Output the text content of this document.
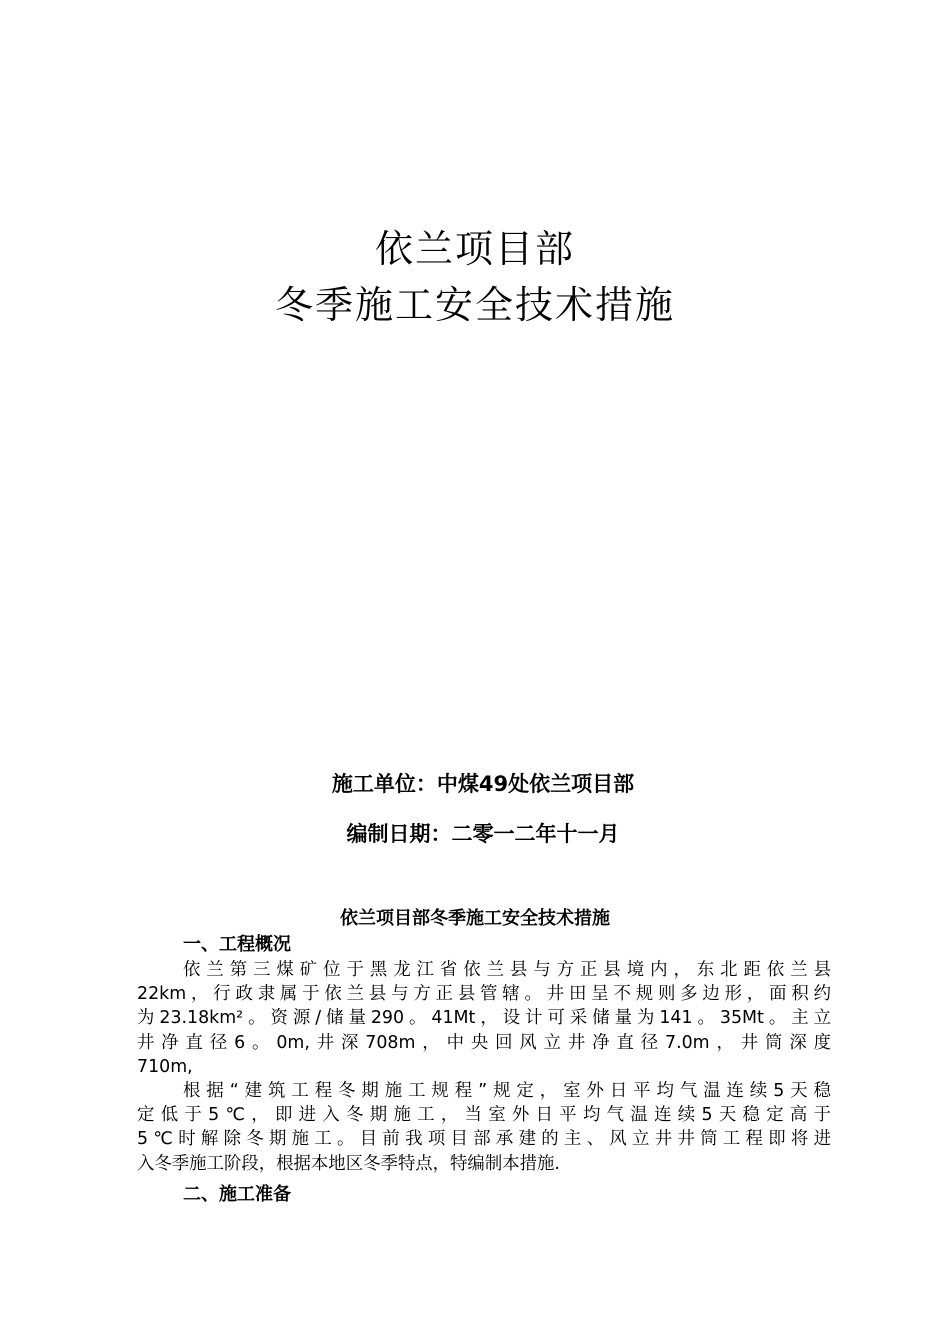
依兰项目部
冬季施工安全技术措施
施工单位：中煤49处依兰项目部
编制日期：二零一二年十一月
依兰项目部冬季施工安全技术措施
一、工程概况
依兰第三煤矿位于黑龙江省依兰县与方正县境内，东北距依兰县
22km，行政隶属于依兰县与方正县管辖。井田呈不规则多边形，面积约
为23.18km²。资源/储量290。41Mt，设计可采储量为141。35Mt。主立
井净直径6。0m,井深708m，中央回风立井净直径7.0m，井筒深度
710m,
根据“建筑工程冬期施工规程”规定，室外日平均气温连续5天稳
定低于5℃，即进入冬期施工，当室外日平均气温连续5天稳定高于
5℃时解除冬期施工。目前我项目部承建的主、风立井井筒工程即将进
入冬季施工阶段，根据本地区冬季特点，特编制本措施.
二、施工准备
